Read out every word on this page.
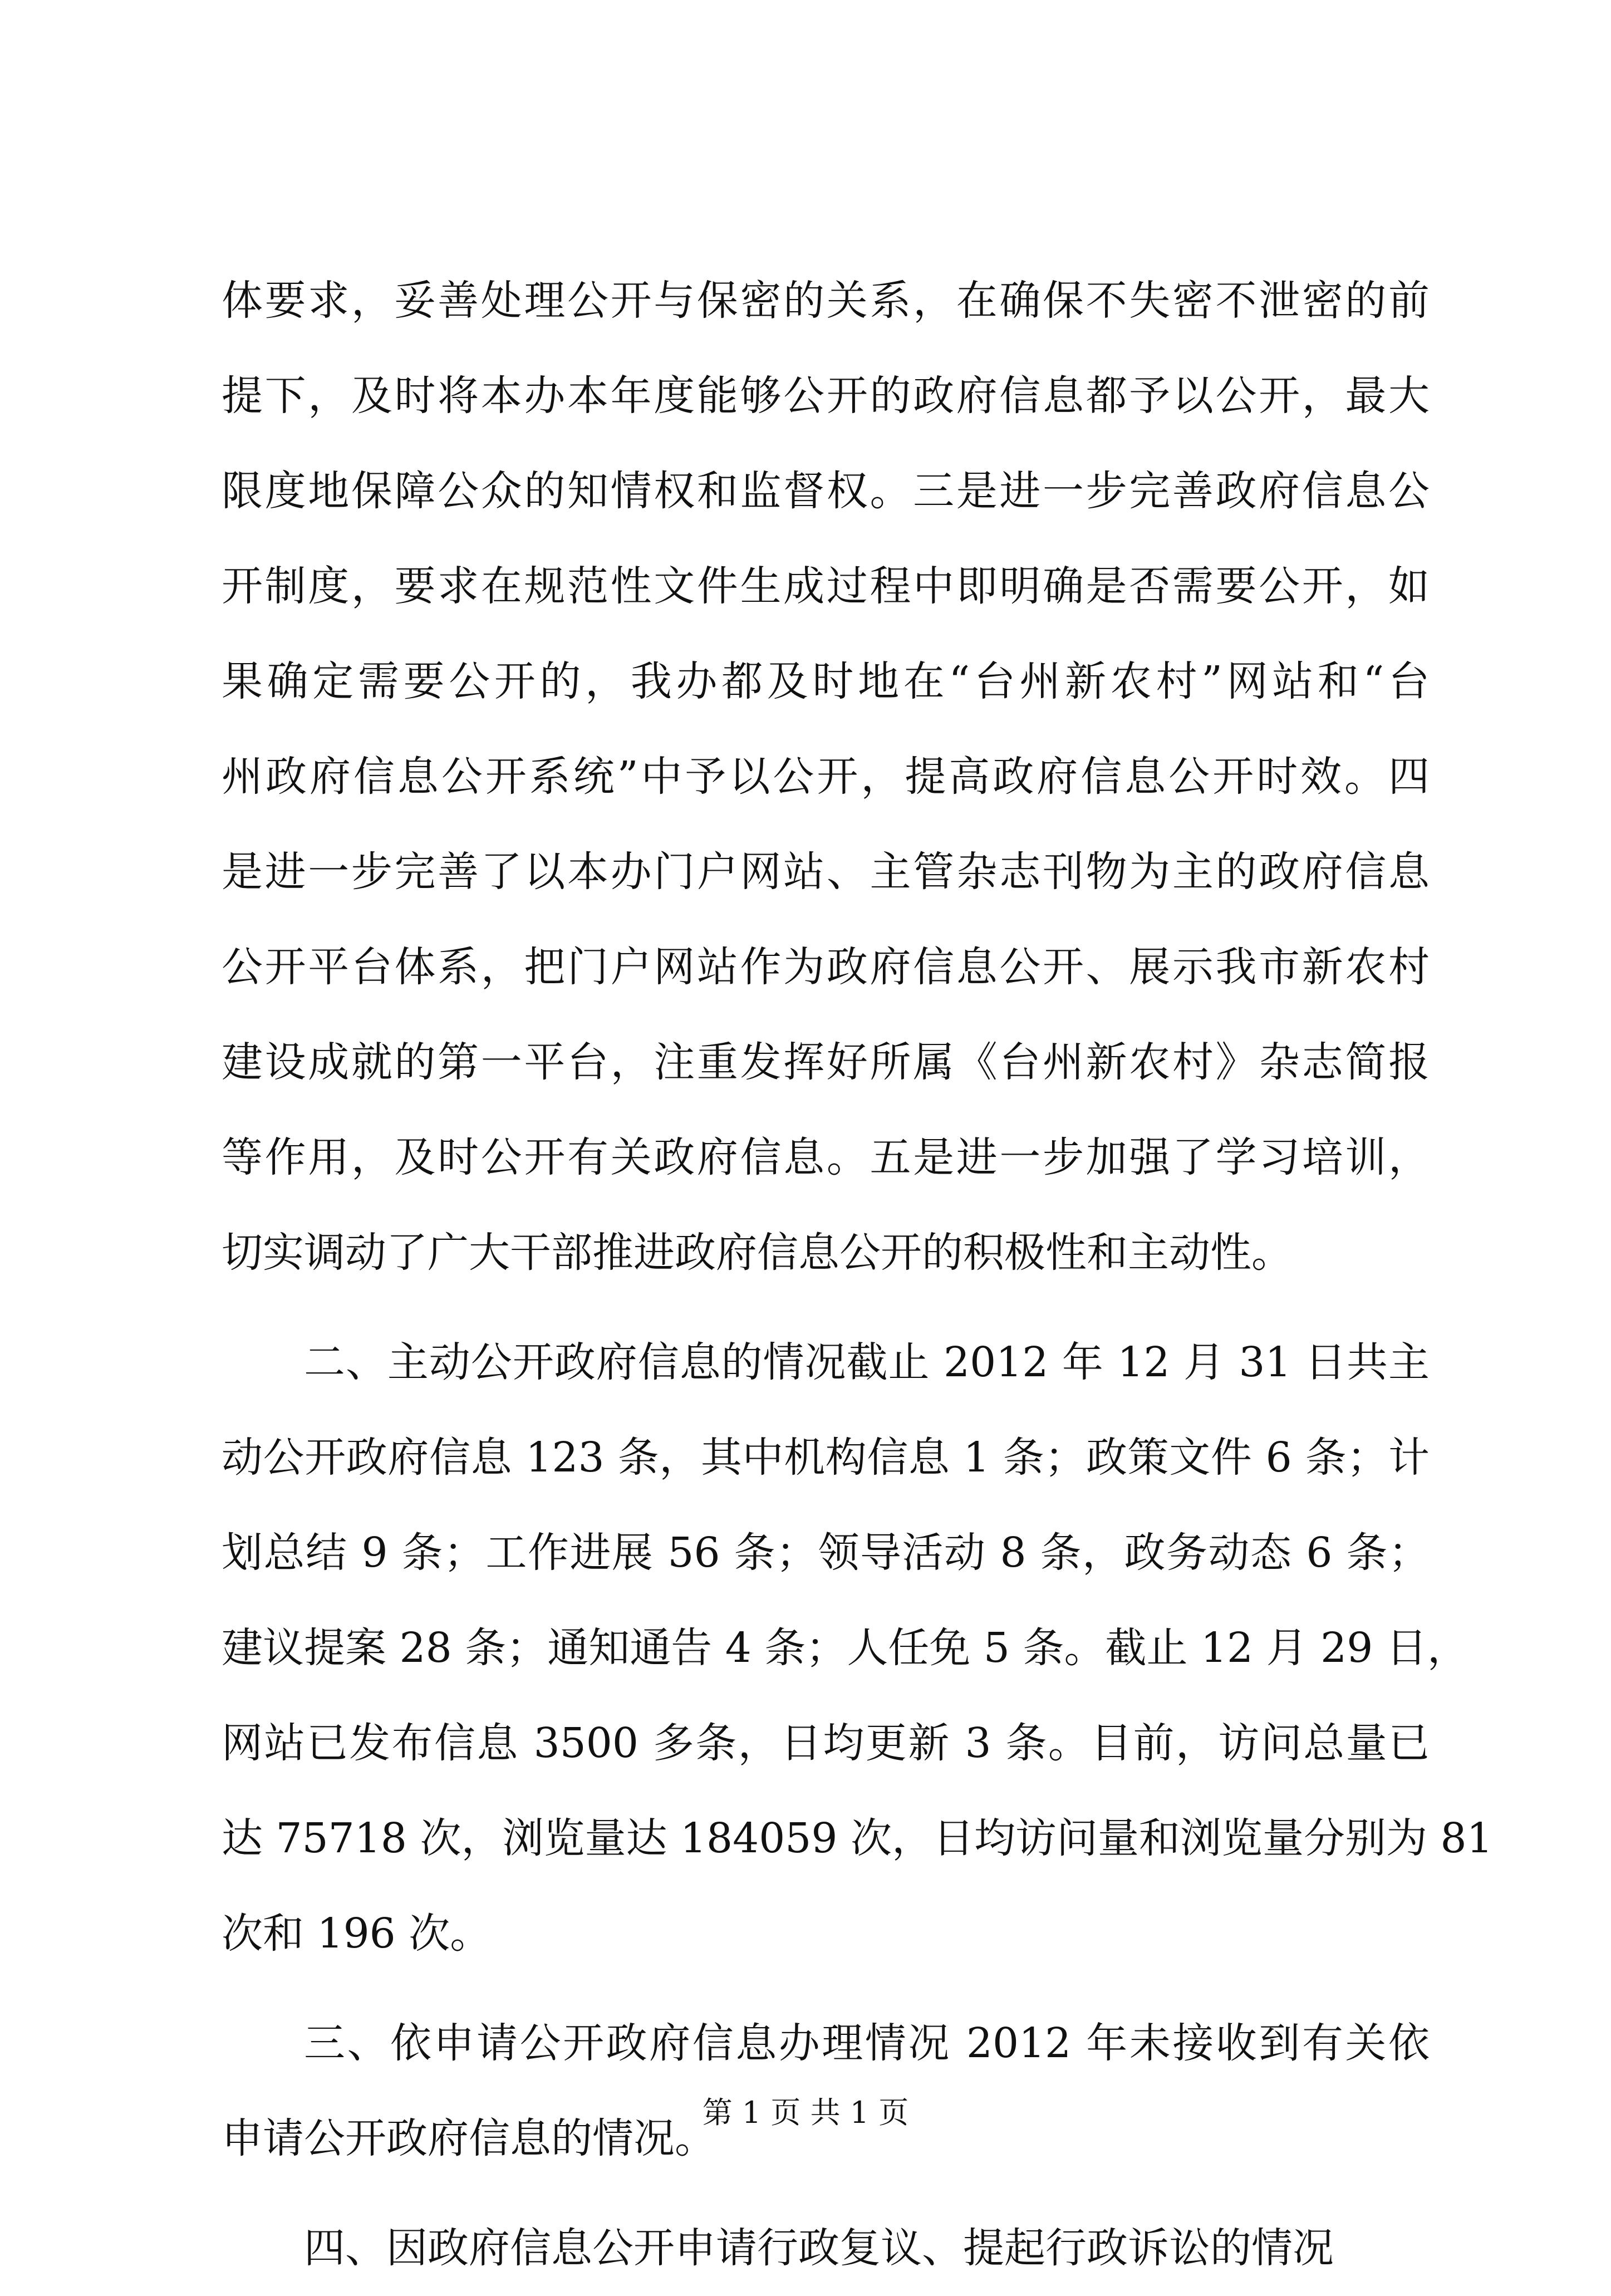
体要求，妥善处理公开与保密的关系，在确保不失密不泄密的前
提下，及时将本办本年度能够公开的政府信息都予以公开，最大
限度地保障公众的知情权和监督权。三是进一步完善政府信息公
开制度，要求在规范性文件生成过程中即明确是否需要公开，如
果确定需要公开的，我办都及时地在“台州新农村”网站和“台
州政府信息公开系统”中予以公开，提高政府信息公开时效。四
是进一步完善了以本办门户网站、主管杂志刊物为主的政府信息
公开平台体系，把门户网站作为政府信息公开、展示我市新农村
建设成就的第一平台，注重发挥好所属《台州新农村》杂志简报
等作用，及时公开有关政府信息。五是进一步加强了学习培训，
切实调动了广大干部推进政府信息公开的积极性和主动性。
二、主动公开政府信息的情况截止 2012 年 12 月 31 日共主
动公开政府信息 123 条，其中机构信息 1 条；政策文件 6 条；计
划总结 9 条；工作进展 56 条；领导活动 8 条，政务动态 6 条；
建议提案 28 条；通知通告 4 条；人任免 5 条。截止 12 月 29 日，
网站已发布信息 3500 多条，日均更新 3 条。目前，访问总量已
达 75718 次，浏览量达 184059 次，日均访问量和浏览量分别为 81
次和 196 次。
三、依申请公开政府信息办理情况 2012 年未接收到有关依
申请公开政府信息的情况。
四、因政府信息公开申请行政复议、提起行政诉讼的情况
第 1 页 共 1 页
